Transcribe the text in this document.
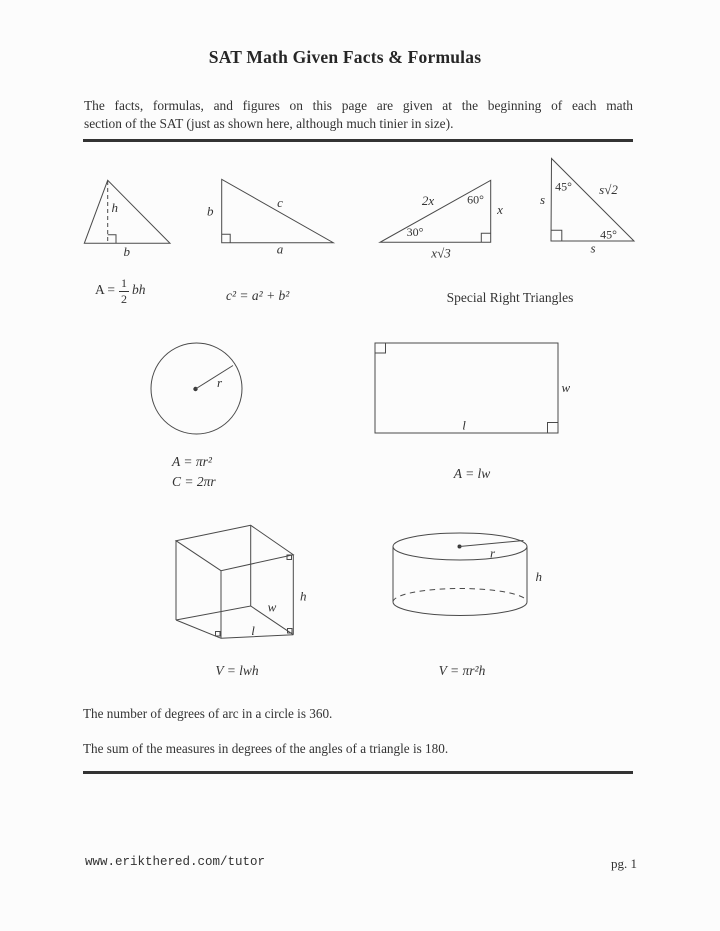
SAT Math Given Facts & Formulas

The facts, formulas, and figures on this page are given at the beginning of each math
section of the SAT (just as shown here, although much tinier in size).

h
b
b
c
a
2x	60°
x
30°
x√3
45° s√2
s
45°
s
$A = \frac{1}{2}$ bh	c² = a² + b²	Special Right Triangles
r
A = πr²
C = 2πr
w
l
A = lw
h
w
l
V = lwh
r
h
V = πr²h
The number of degrees of arc in a circle is 360.
The sum of the measures in degrees of the angles of a triangle is 180.
www.erikthered.com/tutor	pg. 1
